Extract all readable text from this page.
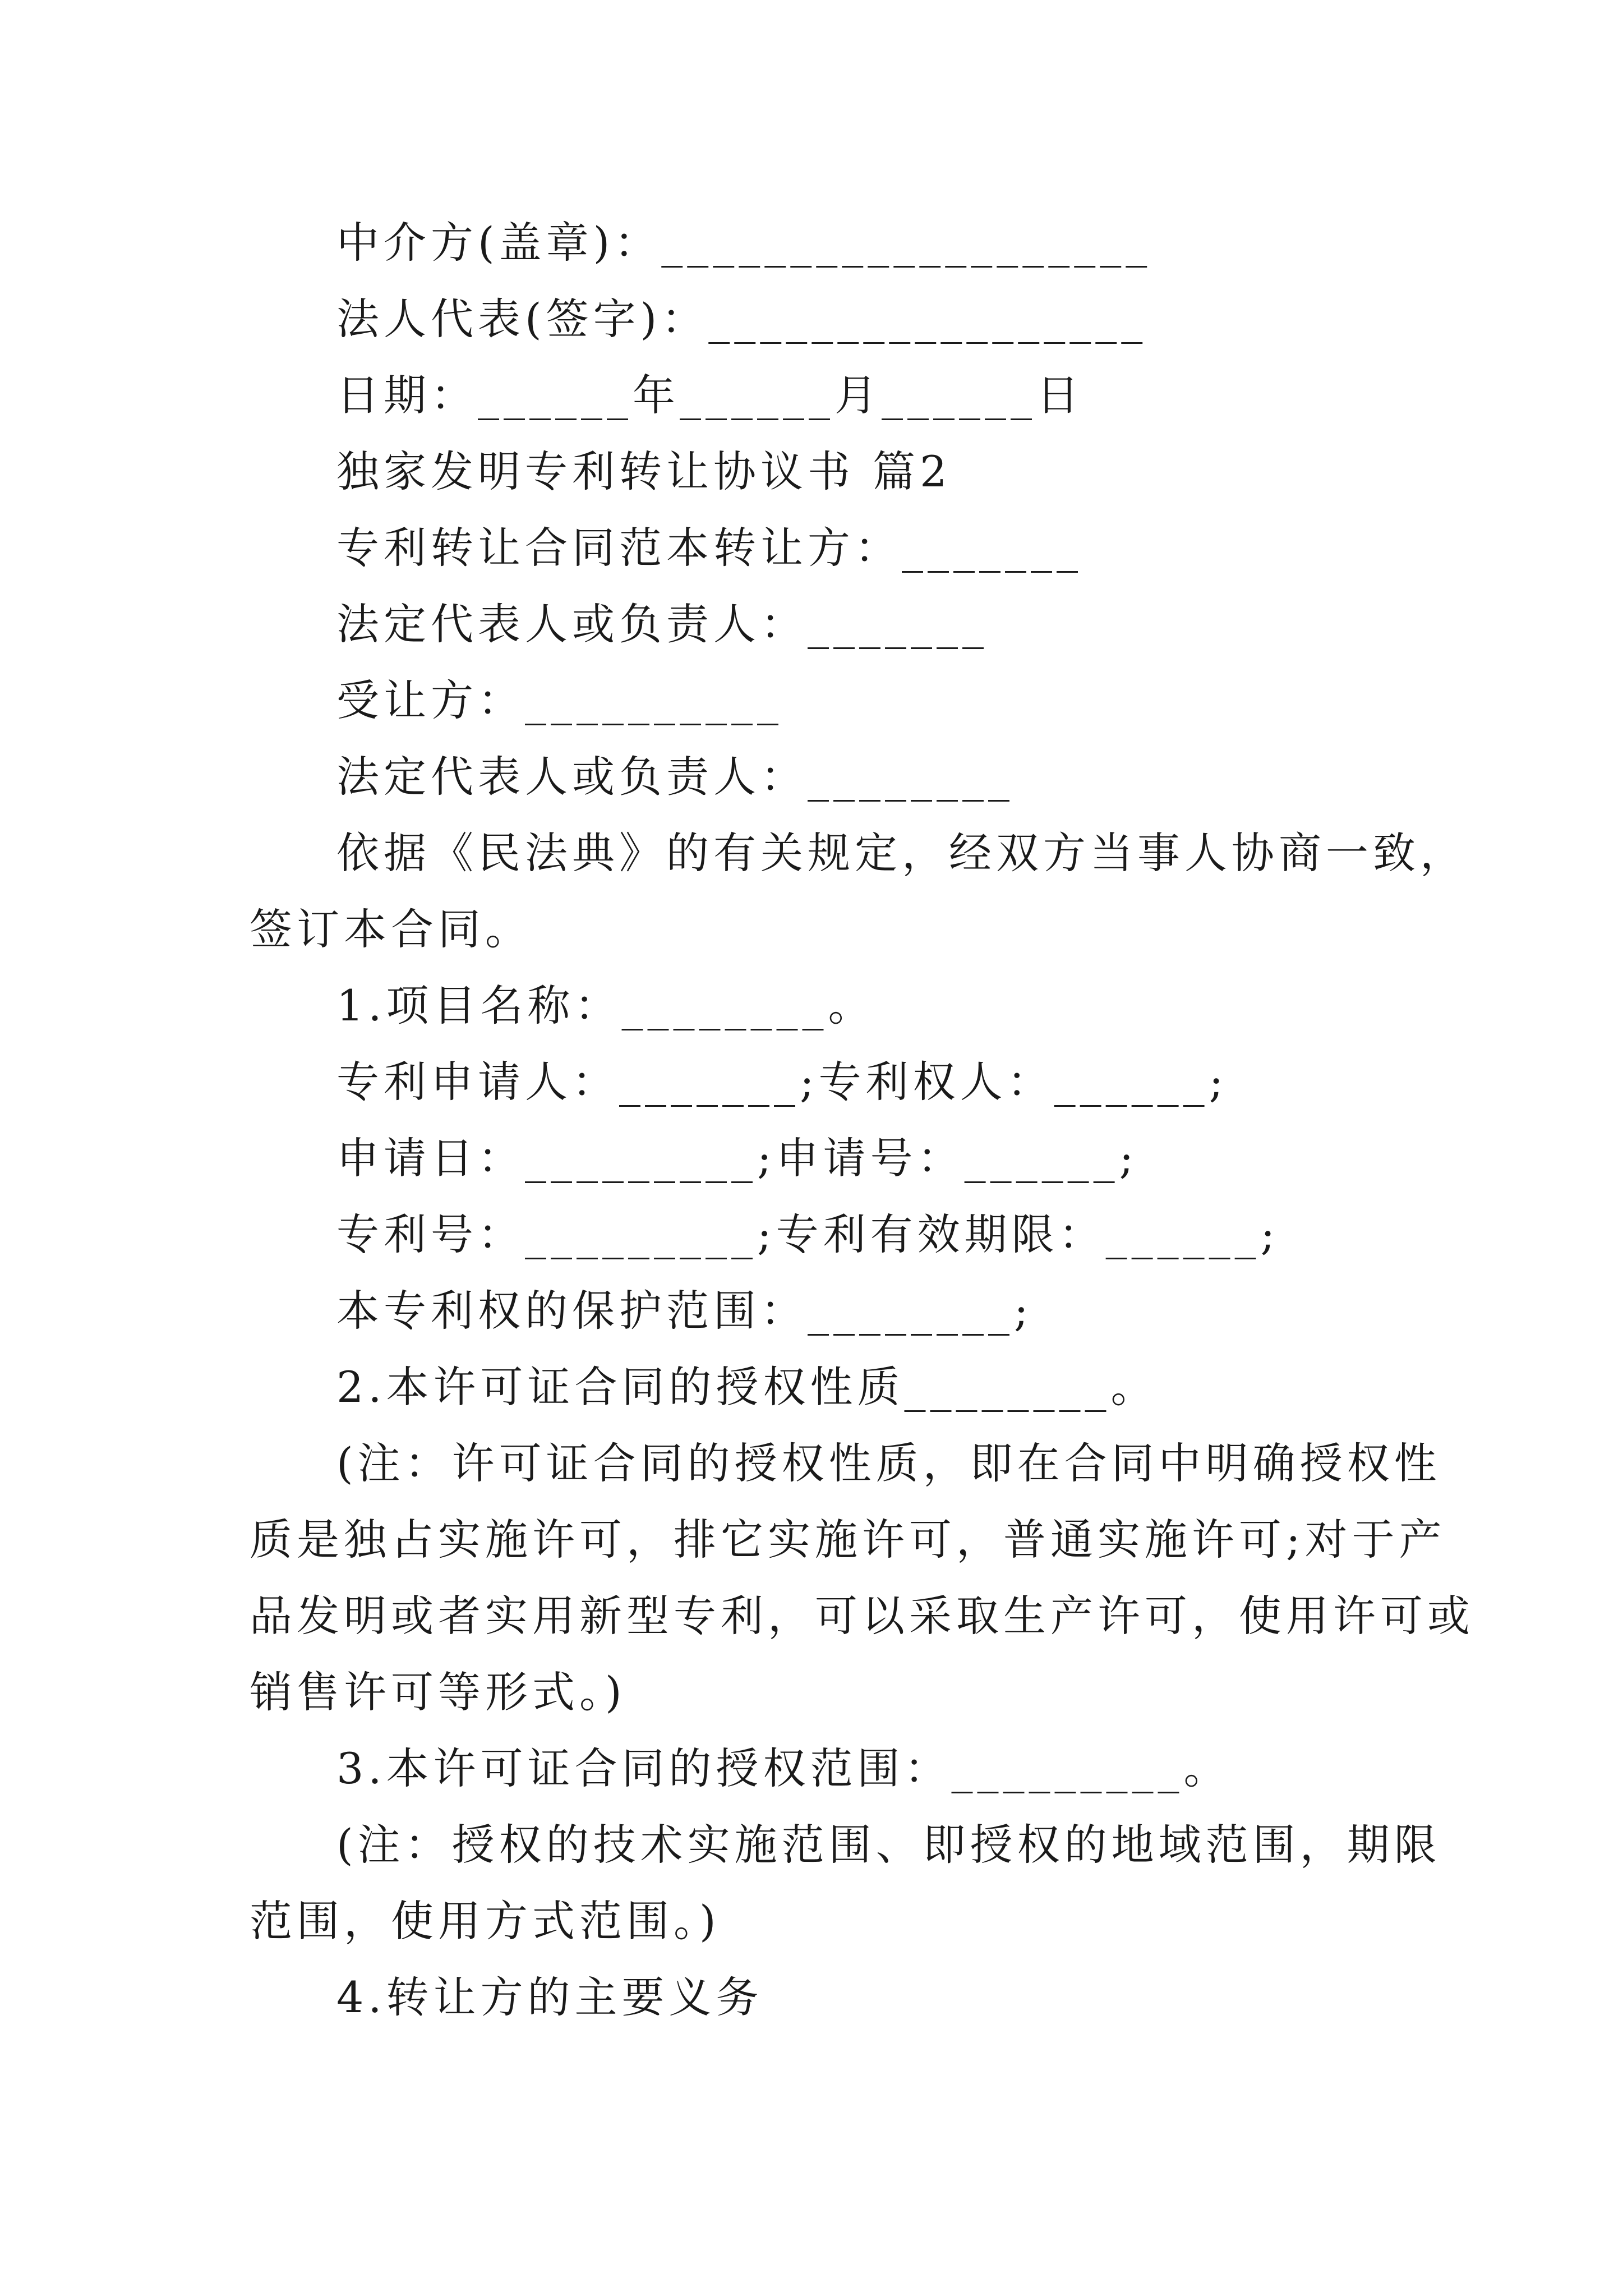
中介方(盖章)：___________________
法人代表(签字)：_________________
日期：______年______月______日
独家发明专利转让协议书 篇2
专利转让合同范本转让方：_______
法定代表人或负责人：_______
受让方：__________
法定代表人或负责人：________
依据《民法典》的有关规定，经双方当事人协商一致，
签订本合同。
1.项目名称：________。
专利申请人：_______;专利权人：______;
申请日：_________;申请号：______;
专利号：_________;专利有效期限：______;
本专利权的保护范围：________;
2.本许可证合同的授权性质________。
(注：许可证合同的授权性质，即在合同中明确授权性
质是独占实施许可，排它实施许可，普通实施许可;对于产
品发明或者实用新型专利，可以采取生产许可，使用许可或
销售许可等形式。)
3.本许可证合同的授权范围：_________。
(注：授权的技术实施范围、即授权的地域范围，期限
范围，使用方式范围。)
4.转让方的主要义务
